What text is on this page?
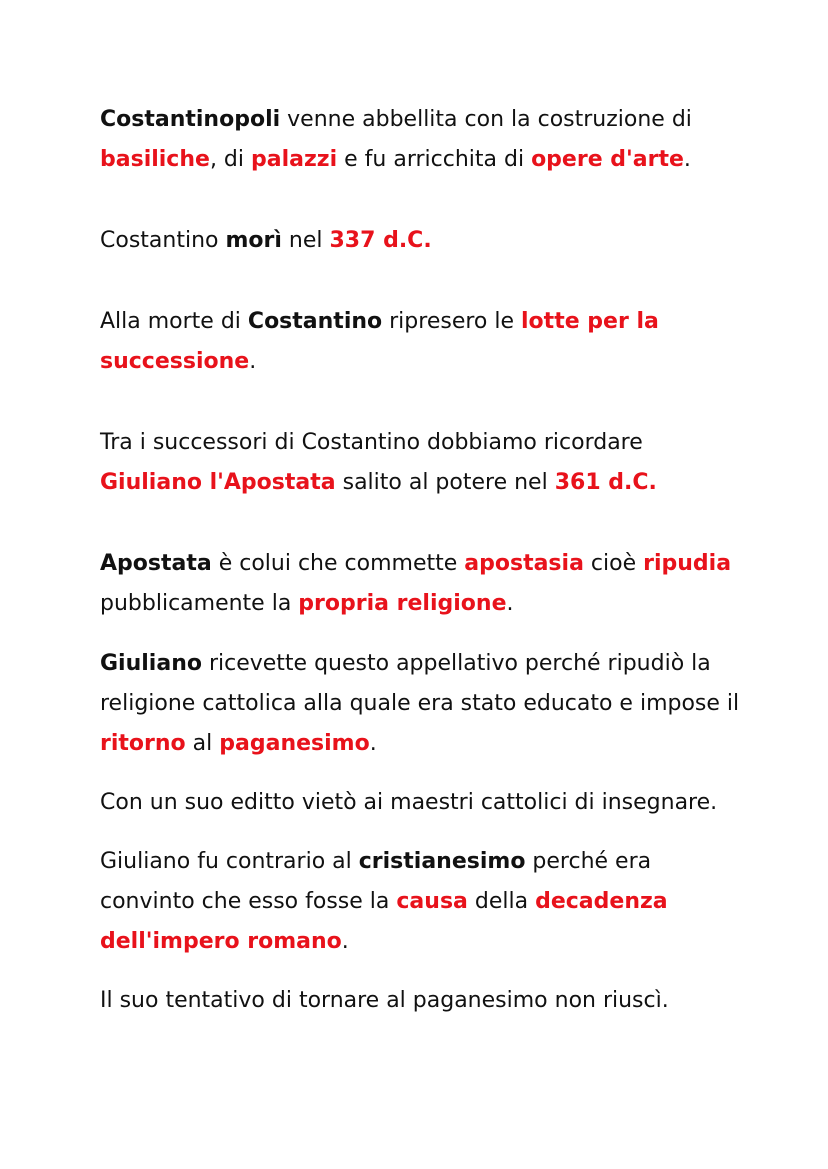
Costantinopoli venne abbellita con la costruzione di basiliche, di palazzi e fu arricchita di opere d'arte.

Costantino morì nel 337 d.C.

Alla morte di Costantino ripresero le lotte per la successione.

Tra i successori di Costantino dobbiamo ricordare Giuliano l'Apostata salito al potere nel 361 d.C.

Apostata è colui che commette apostasia cioè ripudia pubblicamente la propria religione.

Giuliano ricevette questo appellativo perché ripudiò la religione cattolica alla quale era stato educato e impose il ritorno al paganesimo.

Con un suo editto vietò ai maestri cattolici di insegnare.

Giuliano fu contrario al cristianesimo perché era convinto che esso fosse la causa della decadenza dell'impero romano.

Il suo tentativo di tornare al paganesimo non riuscì.
